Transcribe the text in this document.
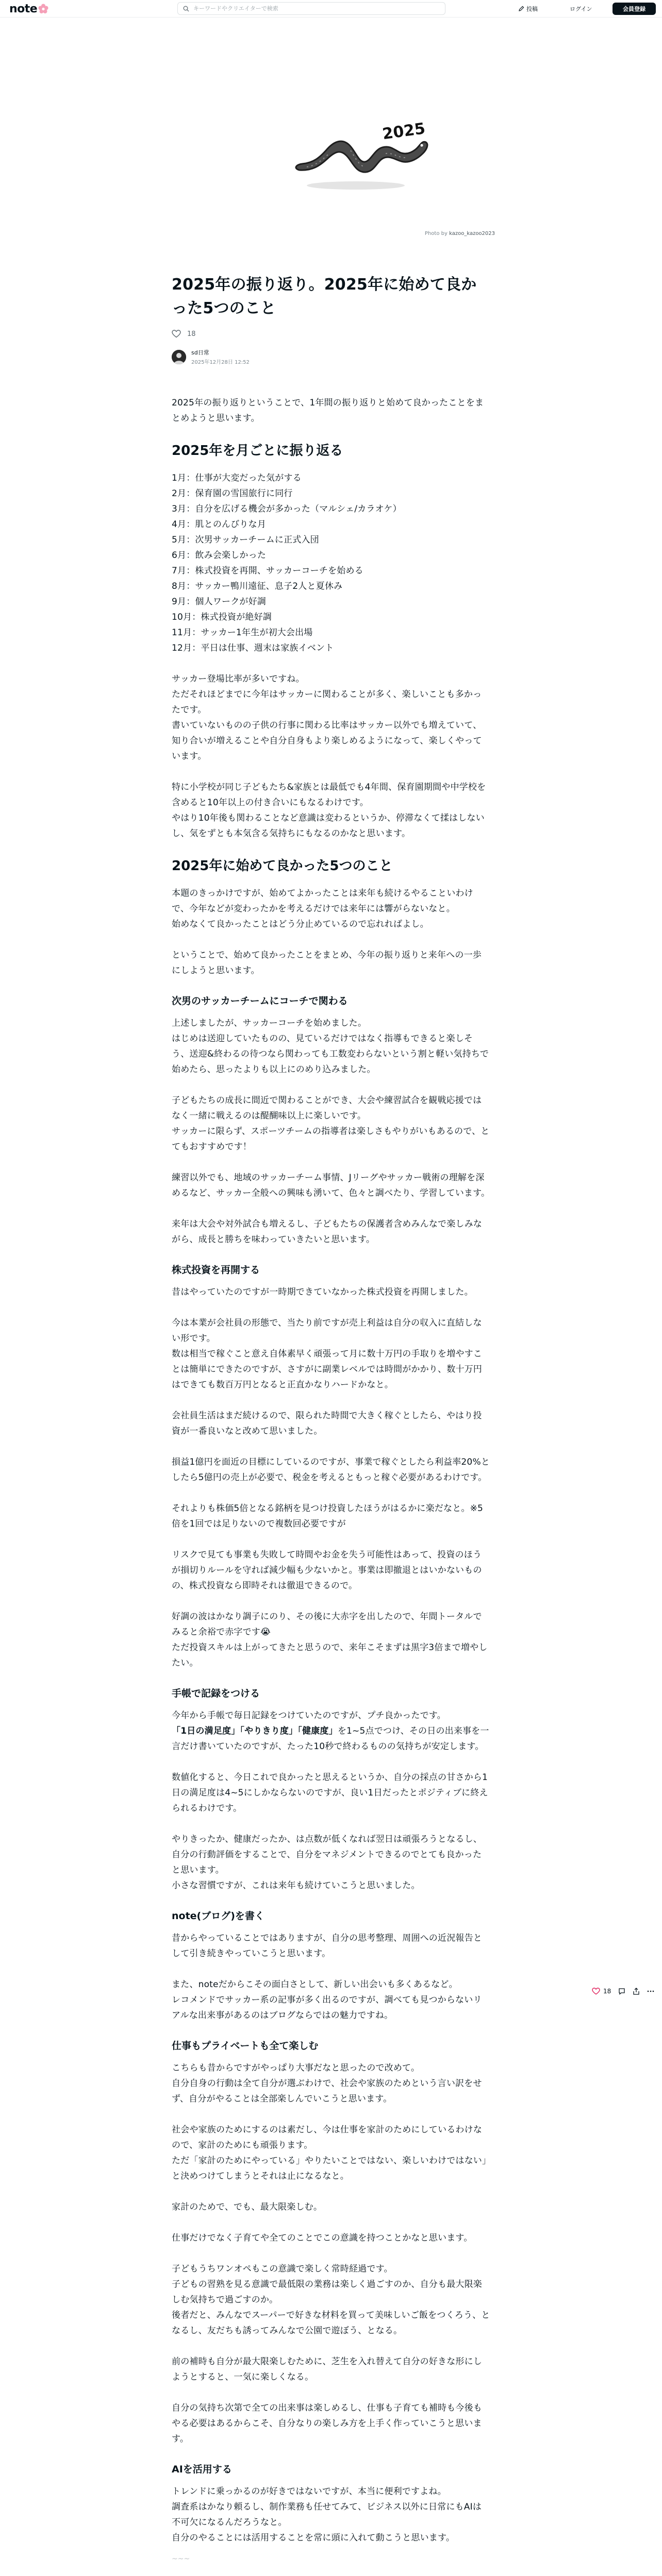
note
キーワードやクリエイターで検索	投稿	ログイン	会員登録
2025
Photo by kazoo_kazoo2023
2025年の振り返り。2025年に始めて良かった5つのこと
18
sd日常
2025年12月28日 12:52

2025年の振り返りということで、1年間の振り返りと始めて良かったことをまとめようと思います。

2025年を月ごとに振り返る

1月：仕事が大変だった気がする
2月：保育園の雪国旅行に同行
3月：自分を広げる機会が多かった（マルシェ/カラオケ）
4月：肌とのんびりな月
5月：次男サッカーチームに正式入団
6月：飲み会楽しかった
7月：株式投資を再開、サッカーコーチを始める
8月：サッカー鴨川遠征、息子2人と夏休み
9月：個人ワークが好調
10月：株式投資が絶好調
11月：サッカー1年生が初大会出場
12月：平日は仕事、週末は家族イベント

サッカー登場比率が多いですね。
ただそれほどまでに今年はサッカーに関わることが多く、楽しいことも多かったです。
書いていないものの子供の行事に関わる比率はサッカー以外でも増えていて、知り合いが増えることや自分自身もより楽しめるようになって、楽しくやっています。

特に小学校が同じ子どもたち&家族とは最低でも4年間、保育園期間や中学校を含めると10年以上の付き合いにもなるわけです。
やはり10年後も関わることなど意識は変わるというか、停滞なくて揉はしないし、気をずとも本気含る気持ちにもなるのかなと思います。

2025年に始めて良かった5つのこと

本題のきっかけですが、始めてよかったことは来年も続けるやることいわけで、今年などが変わったかを考えるだけでは来年には響がらないなと。
始めなくて良かったことはどう分止めているので忘れればよし。

ということで、始めて良かったことをまとめ、今年の振り返りと来年への一歩にしようと思います。

次男のサッカーチームにコーチで関わる

上述しましたが、サッカーコーチを始めました。
はじめは送迎していたものの、見ているだけではなく指導もできると楽しそう、送迎&終わるの待つなら関わっても工数変わらないという割と軽い気持ちで始めたら、思ったよりも以上にのめり込みました。

子どもたちの成長に間近で関わることができ、大会や練習試合を観戦応援ではなく一緒に戦えるのは醍醐味以上に楽しいです。
サッカーに限らず、スポーツチームの指導者は楽しさもやりがいもあるので、とてもおすすめです！

練習以外でも、地域のサッカーチーム事情、Jリーグやサッカー戦術の理解を深めるなど、サッカー全般への興味も湧いて、色々と調べたり、学習しています。

来年は大会や対外試合も増えるし、子どもたちの保護者含めみんなで楽しみながら、成長と勝ちを味わっていきたいと思います。

株式投資を再開する

昔はやっていたのですが一時期できていなかった株式投資を再開しました。

今は本業が会社員の形態で、当たり前ですが売上利益は自分の収入に直結しない形です。
数は相当で稼ぐこと意え自体素早く頑張って月に数十万円の手取りを増やすことは簡単にできたのですが、さすがに副業レベルでは時間がかかり、数十万円はできても数百万円となると正直かなりハードかなと。

会社員生活はまだ続けるので、限られた時間で大きく稼ぐとしたら、やはり投資が一番良いなと改めて思いました。

損益1億円を面近の目標にしているのですが、事業で稼ぐとしたら利益率20%としたら5億円の売上が必要で、税金を考えるともっと稼ぐ必要があるわけです。

それよりも株価5倍となる銘柄を見つけ投資したほうがはるかに楽だなと。※5倍を1回では足りないので複数回必要ですが

リスクで見ても事業も失敗して時間やお金を失う可能性はあって、投資のほうが損切りルールを守れば減少幅も少ないかと。事業は即撤退とはいかないものの、株式投資なら即時それは徹退できるので。

好調の波はかなり調子にのり、その後に大赤字を出したので、年間トータルでみると余裕で赤字です😭
ただ投資スキルは上がってきたと思うので、来年こそまずは黒字3倍まで増やしたい。

手帳で記録をつける

今年から手帳で毎日記録をつけていたのですが、プチ良かったです。
「1日の満足度」「やりきり度」「健康度」を1~5点でつけ、その日の出来事を一言だけ書いていたのですが、たった10秒で終わるものの気持ちが安定します。

数値化すると、今日これで良かったと思えるというか、自分の採点の甘さから1日の満足度は4~5にしかならないのですが、良い1日だったとポジティブに終えられるわけです。

やりきったか、健康だったか、は点数が低くなれば翌日は頑張ろうとなるし、自分の行動評価をすることで、自分をマネジメントできるのでとても良かったと思います。
小さな習慣ですが、これは来年も続けていこうと思いました。

note(ブログ)を書く

昔からやっていることではありますが、自分の思考整理、周囲への近況報告として引き続きやっていこうと思います。

また、noteだからこその面白さとして、新しい出会いも多くあるなど。
レコメンドでサッカー系の記事が多く出るのですが、調べても見つからないリアルな出来事があるのはブログならではの魅力ですね。

仕事もプライベートも全て楽しむ

こちらも昔からですがやっぱり大事だなと思ったので改めて。
自分自身の行動は全て自分が選ぶわけで、社会や家族のためという言い訳をせず、自分がやることは全部楽しんでいこうと思います。

社会や家族のためにするのは素だし、今は仕事を家計のためにしているわけなので、家計のためにも頑張ります。
ただ「家計のためにやっている」やりたいことではない、楽しいわけではない」と決めつけてしまうとそれは止になるなと。

家計のためで、でも、最大限楽しむ。

仕事だけでなく子育てや全てのことでこの意識を持つことかなと思います。

子どもうちワンオペもこの意識で楽しく常時経過です。
子どもの習熟を見る意識で最低限の業務は楽しく過ごすのか、自分も最大限楽しむ気持ちで過ごすのか。
後者だと、みんなでスーパーで好きな材料を買って美味しいご飯をつくろう、となるし、友だちも誘ってみんなで公園で遊ぼう、となる。

前の補時も自分が最大限楽しむために、芝生を入れ替えて自分の好きな形にしようとすると、一気に楽しくなる。

自分の気持ち次第で全ての出来事は楽しめるし、仕事も子育ても補時も今後もやる必要はあるからこそ、自分なりの楽しみ方を上手く作っていこうと思います。

AIを活用する

トレンドに乗っかるのが好きではないですが、本当に便利ですよね。
調査系はかなり頼るし、制作業務も任せてみて、ビジネス以外に日常にもAIは不可欠になるんだろうなと。
自分のやることには活用することを常に頭に入れて動こうと思います。

~~~
18
